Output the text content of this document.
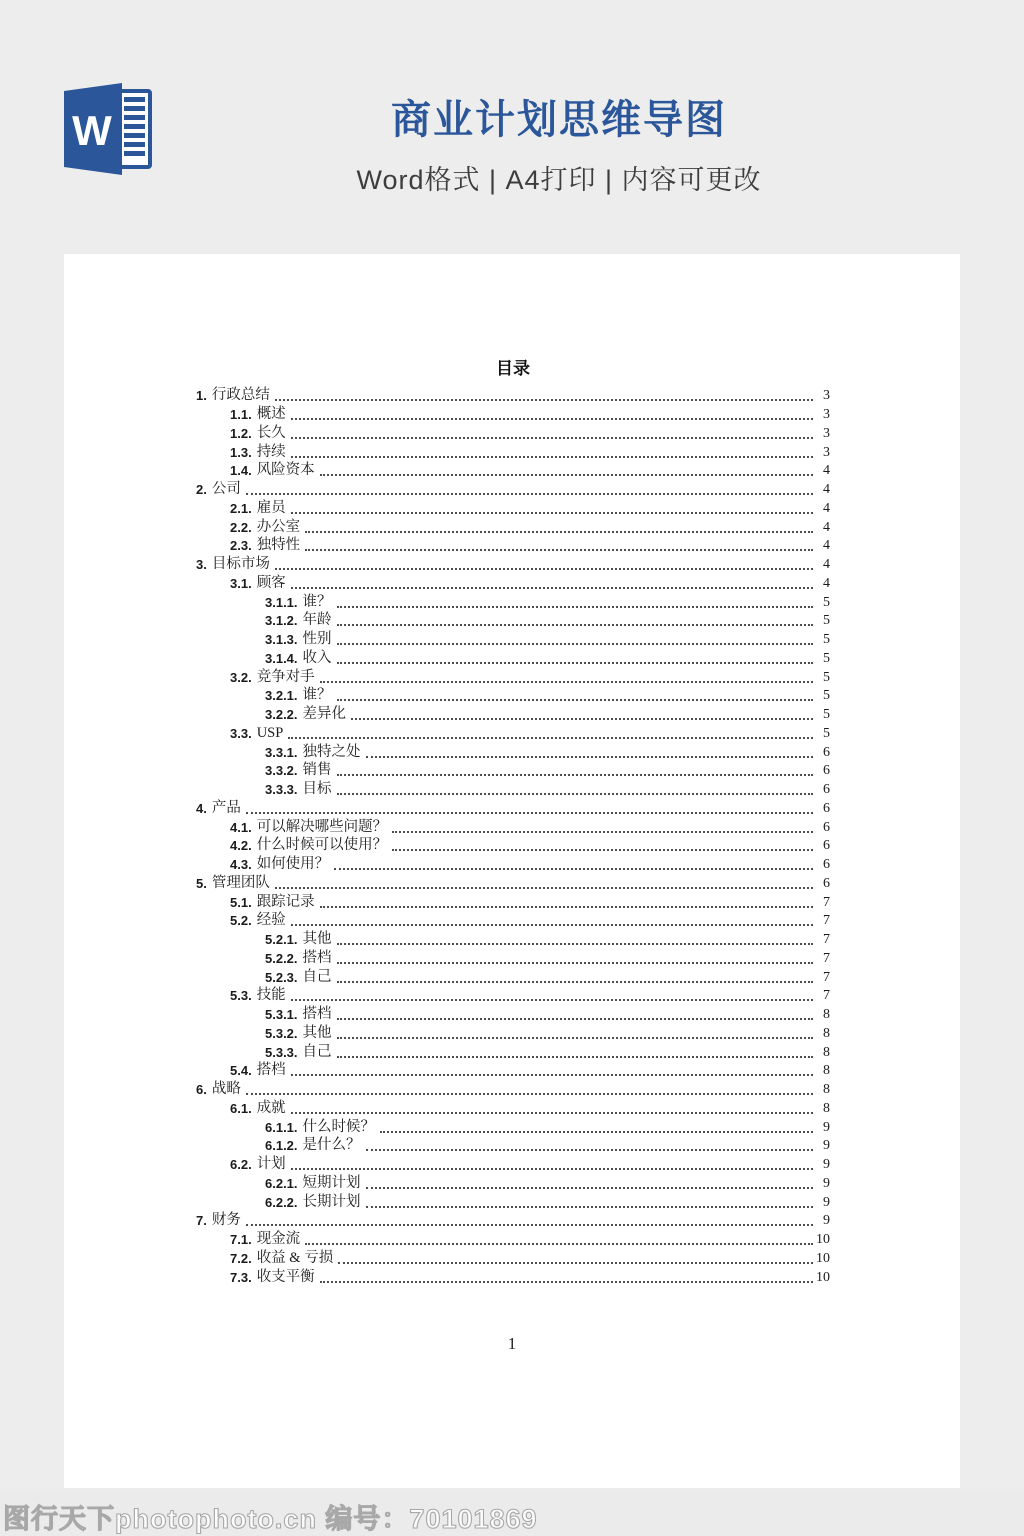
W	商业计划思维导图
Word格式 | A4打印 | 内容可更改
目录
1. 行政总结	3
1.1. 概述	3
1.2. 长久	3
1.3. 持续	3
1.4. 风险资本	4
2. 公司	4
2.1. 雇员	4
2.2. 办公室	4
2.3. 独特性	4
3. 目标市场	4
3.1. 顾客	4
3.1.1. 谁？	5
3.1.2. 年龄	5
3.1.3. 性别	5
3.1.4. 收入	5
3.2. 竞争对手	5
3.2.1. 谁？	5
3.2.2. 差异化	5
3.3. USP	5
3.3.1. 独特之处	6
3.3.2. 销售	6
3.3.3. 目标	6
4. 产品	6
4.1. 可以解决哪些问题？	6
4.2. 什么时候可以使用？	6
4.3. 如何使用？	6
5. 管理团队	6
5.1. 跟踪记录	7
5.2. 经验	7
5.2.1. 其他	7
5.2.2. 搭档	7
5.2.3. 自己	7
5.3. 技能	7
5.3.1. 搭档	8
5.3.2. 其他	8
5.3.3. 自己	8
5.4. 搭档	8
6. 战略	8
6.1. 成就	8
6.1.1. 什么时候？	9
6.1.2. 是什么？	9
6.2. 计划	9
6.2.1. 短期计划	9
6.2.2. 长期计划	9
7. 财务	9
7.1. 现金流	10
7.2. 收益 & 亏损	10
7.3. 收支平衡	10
1
图行天下photophoto.cn 编号：70101869
